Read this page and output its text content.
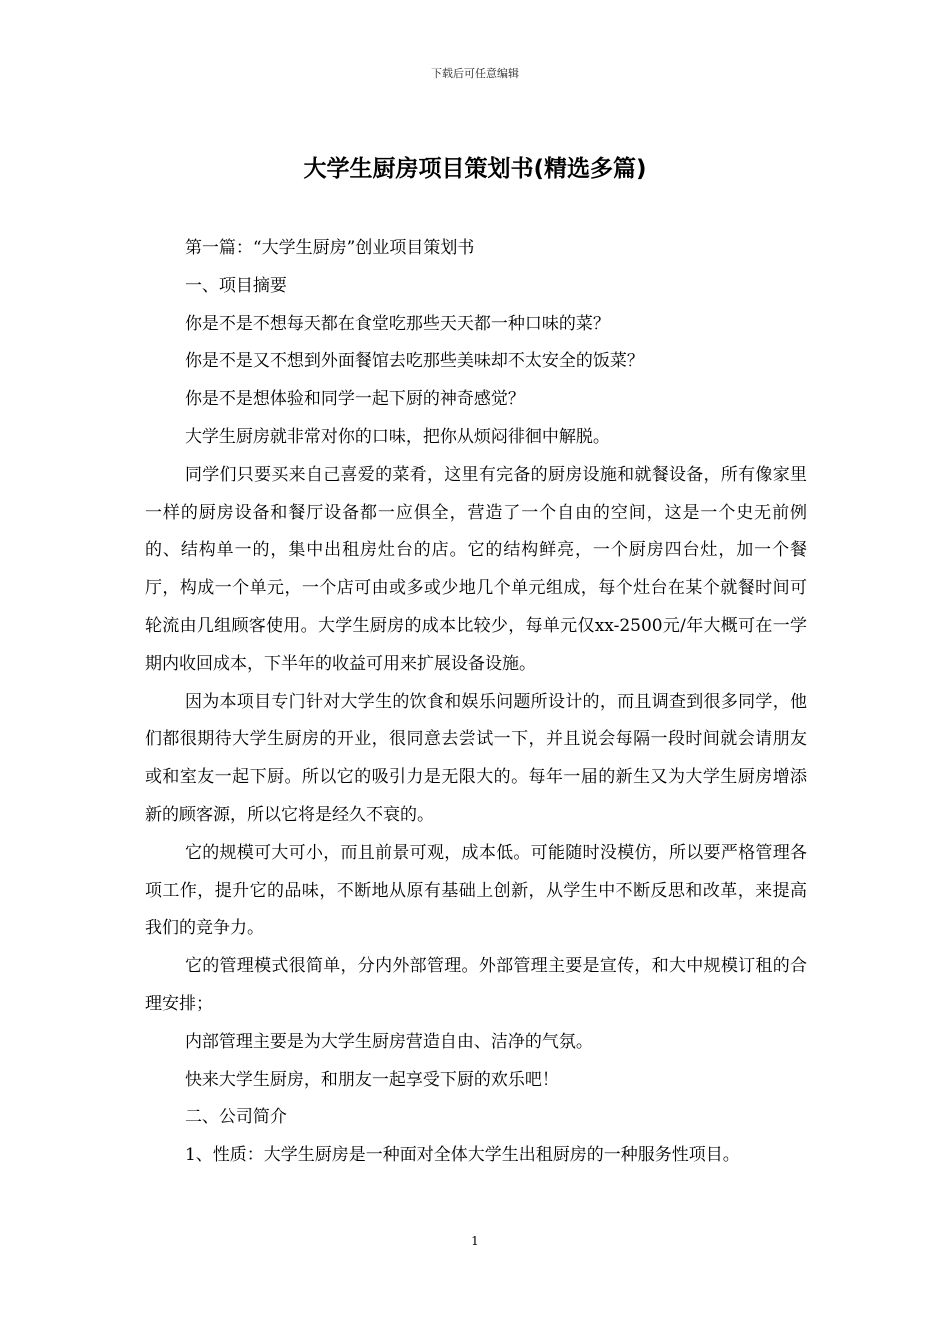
下载后可任意编辑
大学生厨房项目策划书(精选多篇)

第一篇：“大学生厨房”创业项目策划书

一、项目摘要

你是不是不想每天都在食堂吃那些天天都一种口味的菜？

你是不是又不想到外面餐馆去吃那些美味却不太安全的饭菜？

你是不是想体验和同学一起下厨的神奇感觉？

大学生厨房就非常对你的口味，把你从烦闷徘徊中解脱。

同学们只要买来自己喜爱的菜肴，这里有完备的厨房设施和就餐设备，所有像家里一样的厨房设备和餐厅设备都一应俱全，营造了一个自由的空间，这是一个史无前例的、结构单一的，集中出租房灶台的店。它的结构鲜亮，一个厨房四台灶，加一个餐厅，构成一个单元，一个店可由或多或少地几个单元组成，每个灶台在某个就餐时间可轮流由几组顾客使用。大学生厨房的成本比较少，每单元仅xx-2500元/年大概可在一学期内收回成本，下半年的收益可用来扩展设备设施。

因为本项目专门针对大学生的饮食和娱乐问题所设计的，而且调查到很多同学，他们都很期待大学生厨房的开业，很同意去尝试一下，并且说会每隔一段时间就会请朋友或和室友一起下厨。所以它的吸引力是无限大的。每年一届的新生又为大学生厨房增添新的顾客源，所以它将是经久不衰的。

它的规模可大可小，而且前景可观，成本低。可能随时没模仿，所以要严格管理各项工作，提升它的品味，不断地从原有基础上创新，从学生中不断反思和改革，来提高我们的竞争力。

它的管理模式很简单，分内外部管理。外部管理主要是宣传，和大中规模订租的合理安排；

内部管理主要是为大学生厨房营造自由、洁净的气氛。

快来大学生厨房，和朋友一起享受下厨的欢乐吧！

二、公司简介

1、性质：大学生厨房是一种面对全体大学生出租厨房的一种服务性项目。

1
